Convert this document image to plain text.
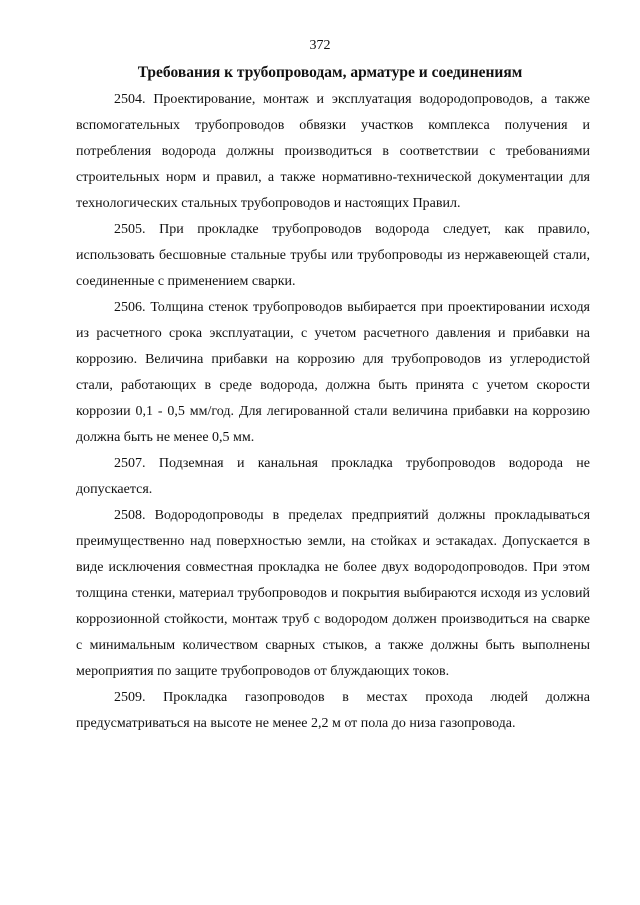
372
Требования к трубопроводам, арматуре и соединениям

2504. Проектирование, монтаж и эксплуатация водородопроводов, а также вспомогательных трубопроводов обвязки участков комплекса получения и потребления водорода должны производиться в соответствии с требованиями строительных норм и правил, а также нормативно-технической документации для технологических стальных трубопроводов и настоящих Правил.

2505. При прокладке трубопроводов водорода следует, как правило, использовать бесшовные стальные трубы или трубопроводы из нержавеющей стали, соединенные с применением сварки.

2506. Толщина стенок трубопроводов выбирается при проектировании исходя из расчетного срока эксплуатации, с учетом расчетного давления и прибавки на коррозию. Величина прибавки на коррозию для трубопроводов из углеродистой стали, работающих в среде водорода, должна быть принята с учетом скорости коррозии 0,1 - 0,5 мм/год. Для легированной стали величина прибавки на коррозию должна быть не менее 0,5 мм.

2507. Подземная и канальная прокладка трубопроводов водорода не допускается.

2508. Водородопроводы в пределах предприятий должны прокладываться преимущественно над поверхностью земли, на стойках и эстакадах. Допускается в виде исключения совместная прокладка не более двух водородопроводов. При этом толщина стенки, материал трубопроводов и покрытия выбираются исходя из условий коррозионной стойкости, монтаж труб с водородом должен производиться на сварке с минимальным количеством сварных стыков, а также должны быть выполнены мероприятия по защите трубопроводов от блуждающих токов.

2509. Прокладка газопроводов в местах прохода людей должна предусматриваться на высоте не менее 2,2 м от пола до низа газопровода.
